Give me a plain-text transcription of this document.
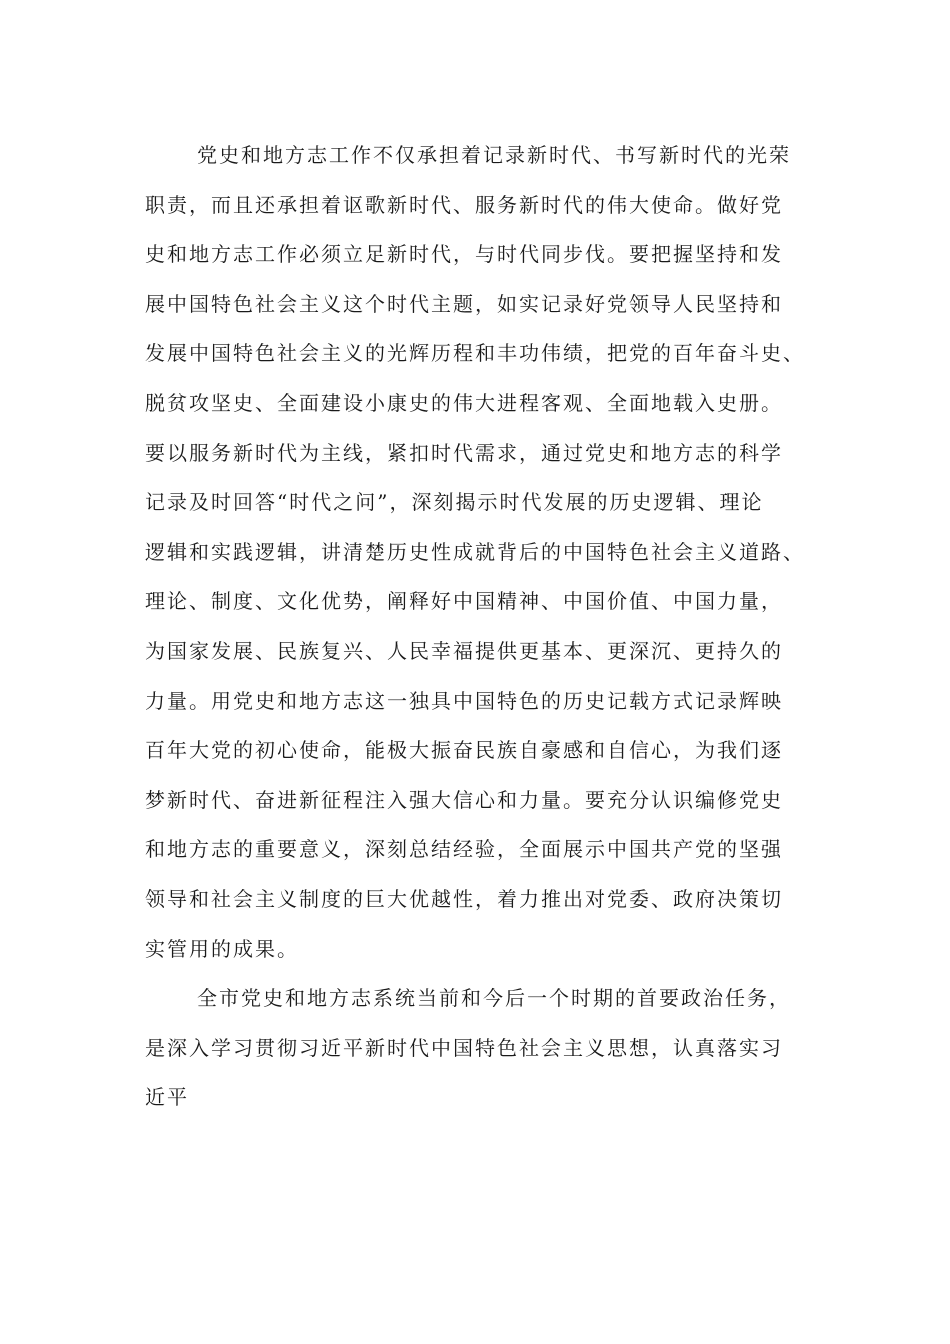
党史和地方志工作不仅承担着记录新时代、书写新时代的光荣
职责，而且还承担着讴歌新时代、服务新时代的伟大使命。做好党
史和地方志工作必须立足新时代，与时代同步伐。要把握坚持和发
展中国特色社会主义这个时代主题，如实记录好党领导人民坚持和
发展中国特色社会主义的光辉历程和丰功伟绩，把党的百年奋斗史、
脱贫攻坚史、全面建设小康史的伟大进程客观、全面地载入史册。
要以服务新时代为主线，紧扣时代需求，通过党史和地方志的科学
记录及时回答“时代之问”，深刻揭示时代发展的历史逻辑、理论
逻辑和实践逻辑，讲清楚历史性成就背后的中国特色社会主义道路、
理论、制度、文化优势，阐释好中国精神、中国价值、中国力量，
为国家发展、民族复兴、人民幸福提供更基本、更深沉、更持久的
力量。用党史和地方志这一独具中国特色的历史记载方式记录辉映
百年大党的初心使命，能极大振奋民族自豪感和自信心，为我们逐
梦新时代、奋进新征程注入强大信心和力量。要充分认识编修党史
和地方志的重要意义，深刻总结经验，全面展示中国共产党的坚强
领导和社会主义制度的巨大优越性，着力推出对党委、政府决策切
实管用的成果。
全市党史和地方志系统当前和今后一个时期的首要政治任务，
是深入学习贯彻习近平新时代中国特色社会主义思想，认真落实习
近平
